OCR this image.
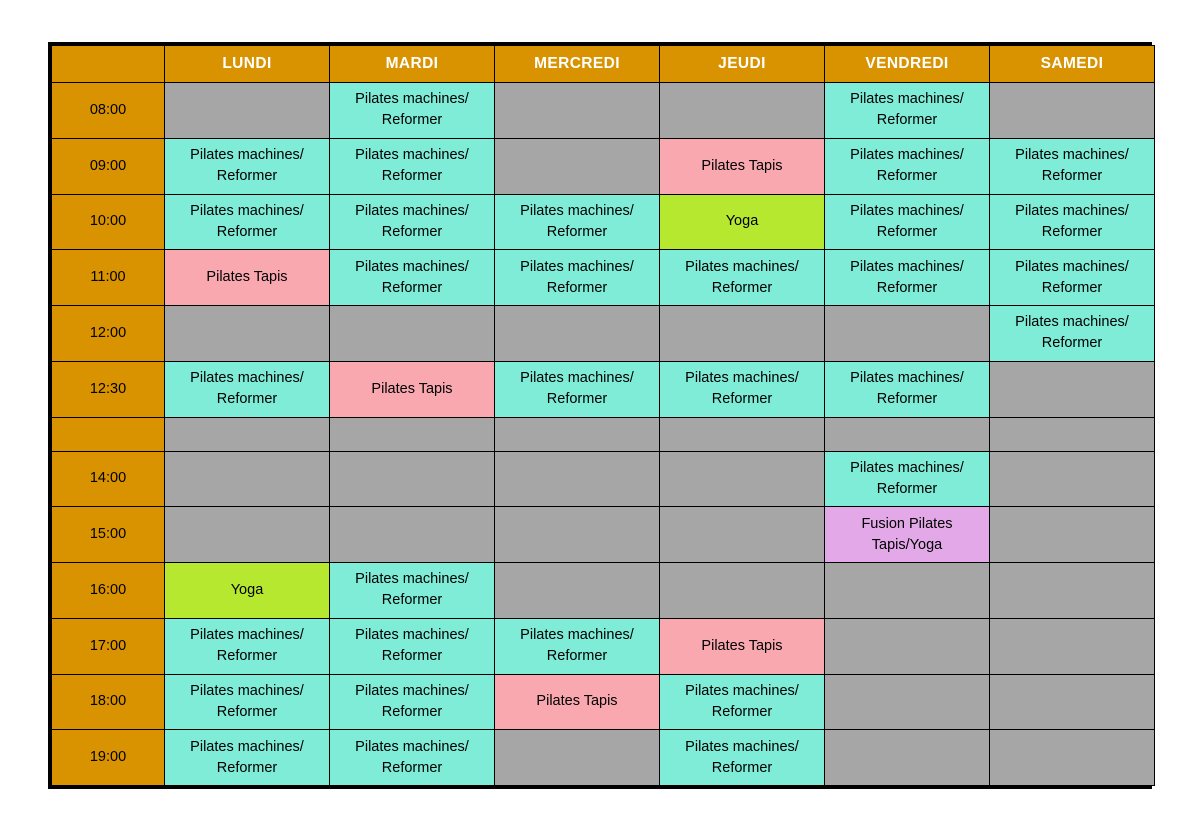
	LUNDI	MARDI	MERCREDI	JEUDI	VENDREDI	SAMEDI
08:00		Pilates machines/ Reformer			Pilates machines/ Reformer	
09:00	Pilates machines/ Reformer	Pilates machines/ Reformer		Pilates Tapis	Pilates machines/ Reformer	Pilates machines/ Reformer
10:00	Pilates machines/ Reformer	Pilates machines/ Reformer	Pilates machines/ Reformer	Yoga	Pilates machines/ Reformer	Pilates machines/ Reformer
11:00	Pilates Tapis	Pilates machines/ Reformer	Pilates machines/ Reformer	Pilates machines/ Reformer	Pilates machines/ Reformer	Pilates machines/ Reformer
12:00						Pilates machines/ Reformer
12:30	Pilates machines/ Reformer	Pilates Tapis	Pilates machines/ Reformer	Pilates machines/ Reformer	Pilates machines/ Reformer	

14:00					Pilates machines/ Reformer	
15:00					Fusion Pilates Tapis/Yoga	
16:00	Yoga	Pilates machines/ Reformer				
17:00	Pilates machines/ Reformer	Pilates machines/ Reformer	Pilates machines/ Reformer	Pilates Tapis		
18:00	Pilates machines/ Reformer	Pilates machines/ Reformer	Pilates Tapis	Pilates machines/ Reformer		
19:00	Pilates machines/ Reformer	Pilates machines/ Reformer		Pilates machines/ Reformer		
